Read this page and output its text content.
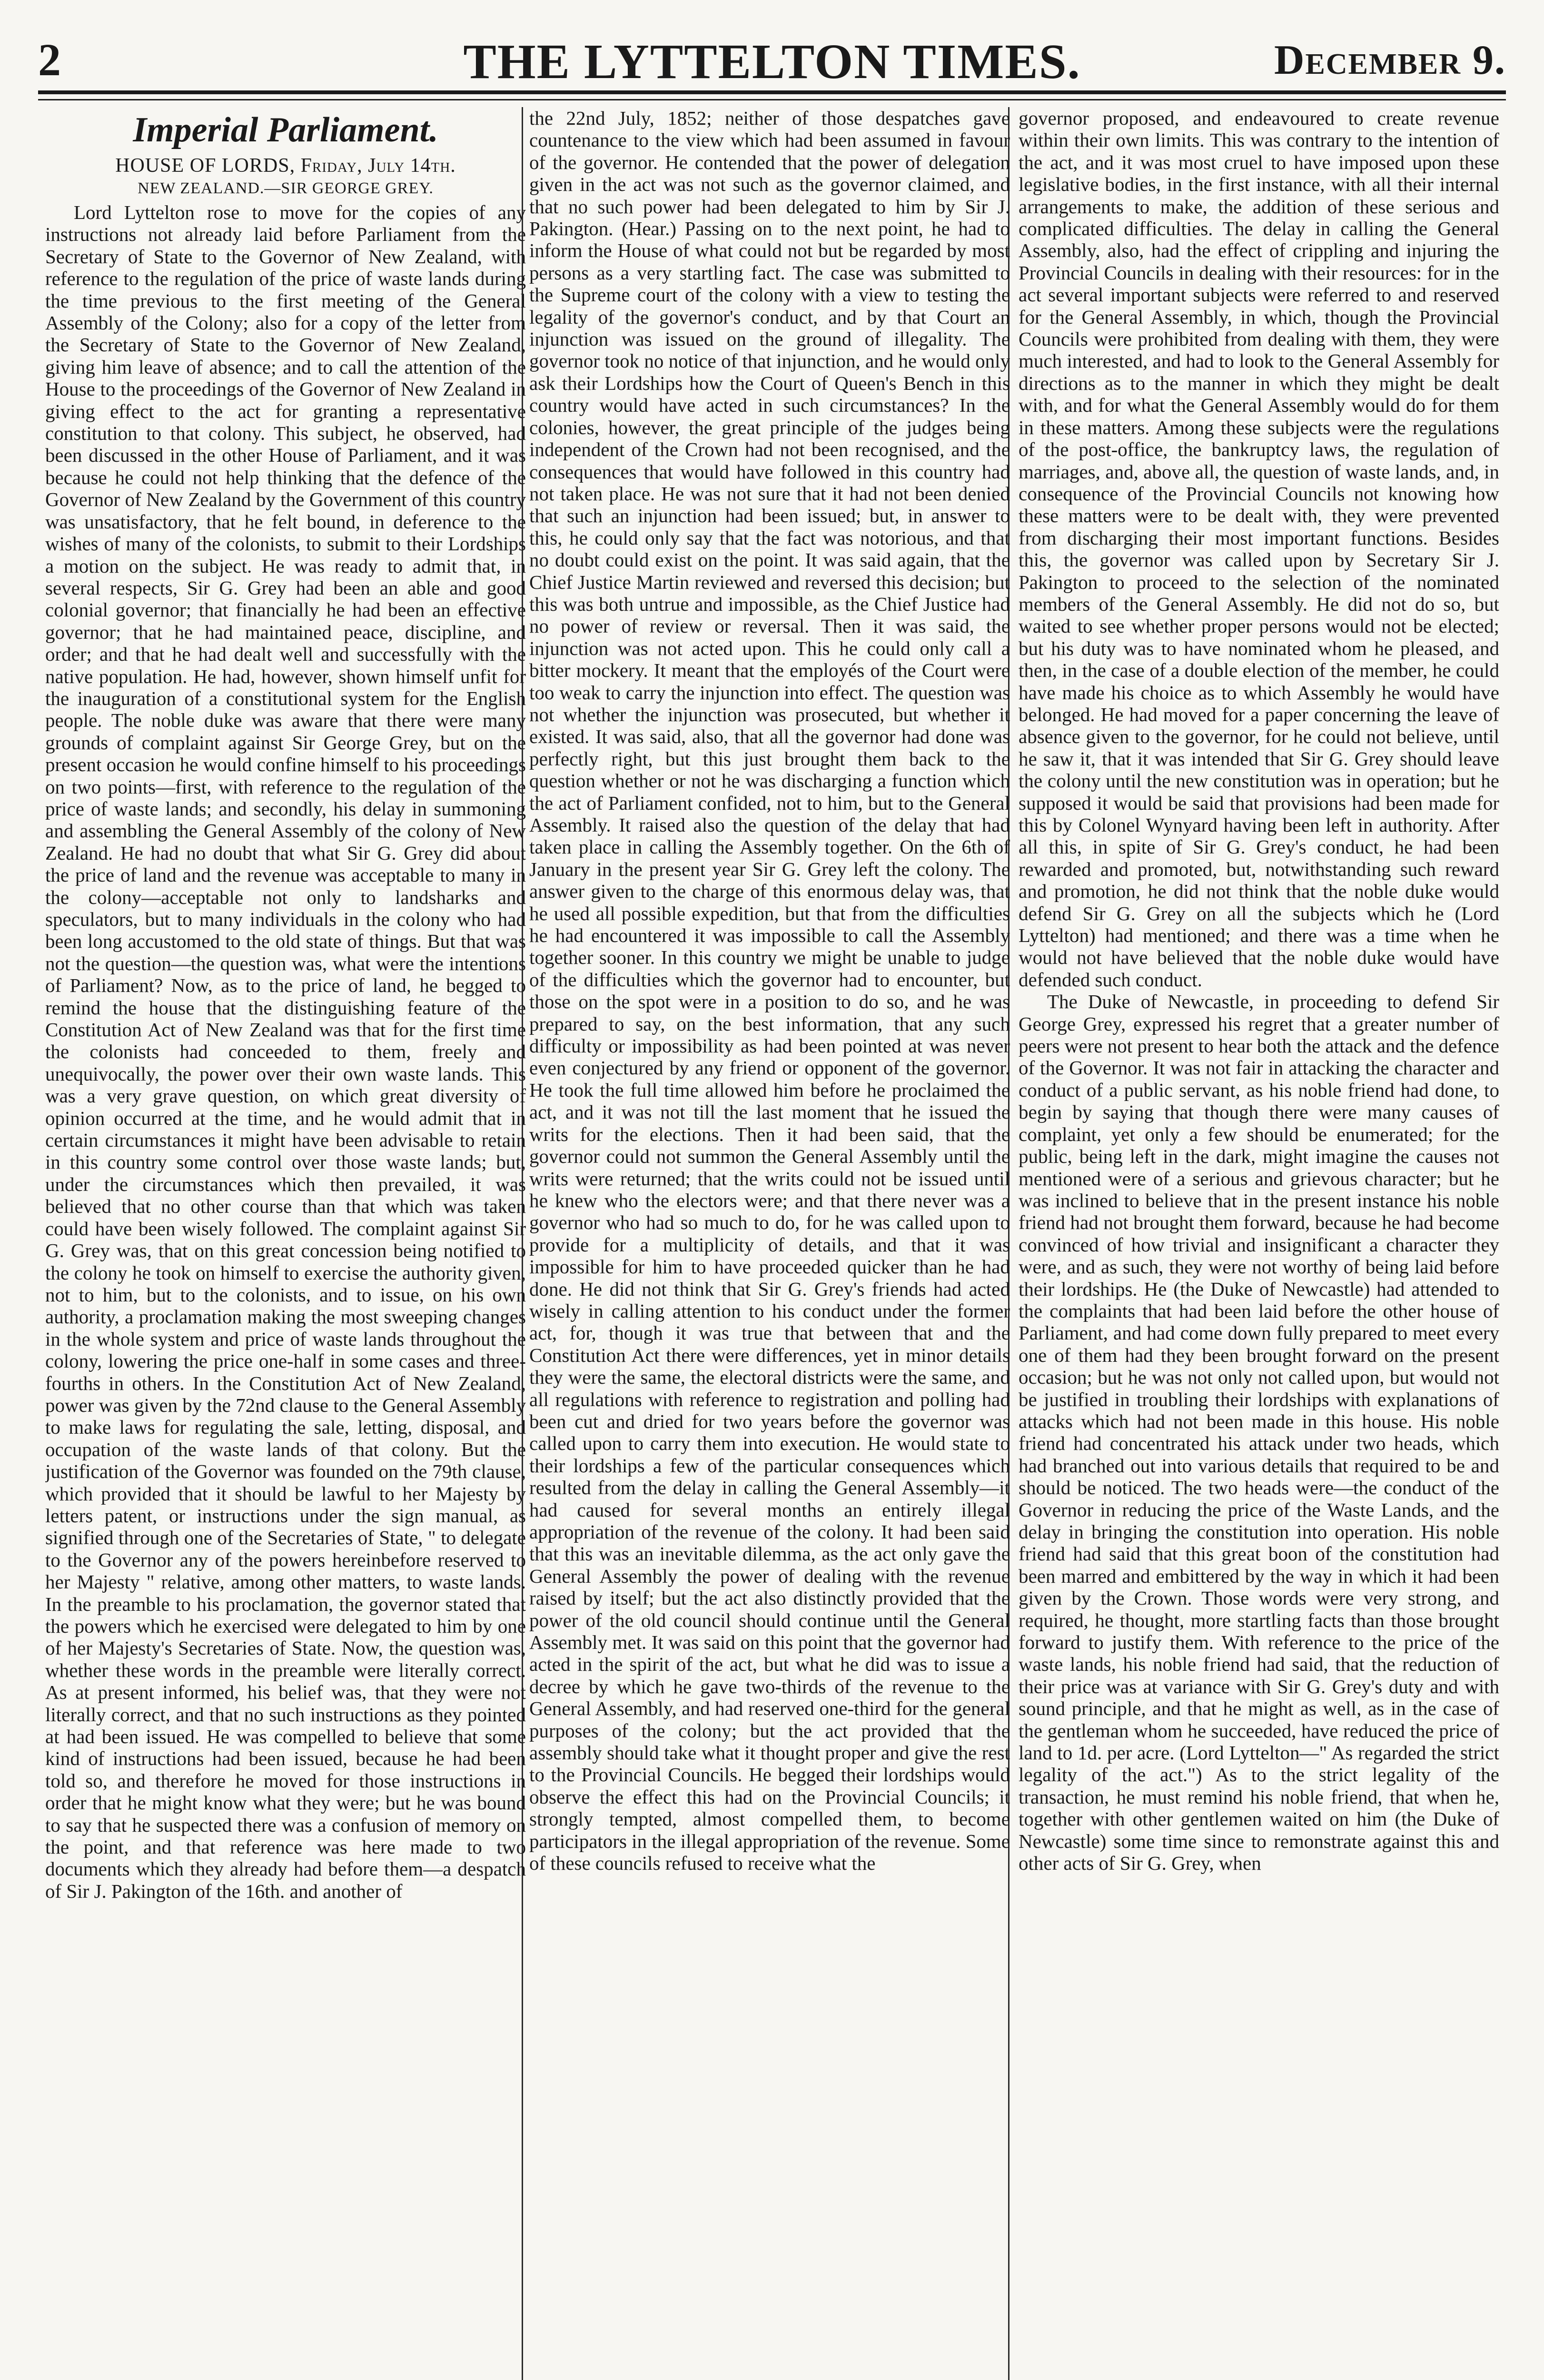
2	THE LYTTELTON TIMES.	December 9.
Imperial Parliament.
HOUSE OF LORDS, Friday, July 14th.
NEW ZEALAND.—SIR GEORGE GREY.

Lord Lyttelton rose to move for the copies of any instructions not already laid before Parliament from the Secretary of State to the Governor of New Zealand, with reference to the regulation of the price of waste lands during the time previous to the first meeting of the General Assembly of the Colony; also for a copy of the letter from the Secretary of State to the Governor of New Zealand, giving him leave of absence; and to call the attention of the House to the proceedings of the Governor of New Zealand in giving effect to the act for granting a representative constitution to that colony. This subject, he observed, had been discussed in the other House of Parliament, and it was because he could not help thinking that the defence of the Governor of New Zealand by the Government of this country was unsatisfactory, that he felt bound, in deference to the wishes of many of the colonists, to submit to their Lordships a motion on the subject. He was ready to admit that, in several respects, Sir G. Grey had been an able and good colonial governor; that financially he had been an effective governor; that he had maintained peace, discipline, and order; and that he had dealt well and successfully with the native population. He had, however, shown himself unfit for the inauguration of a constitutional system for the English people. The noble duke was aware that there were many grounds of complaint against Sir George Grey, but on the present occasion he would confine himself to his proceedings on two points—first, with reference to the regulation of the price of waste lands; and secondly, his delay in summoning and assembling the General Assembly of the colony of New Zealand. He had no doubt that what Sir G. Grey did about the price of land and the revenue was acceptable to many in the colony—acceptable not only to landsharks and speculators, but to many individuals in the colony who had been long accustomed to the old state of things. But that was not the question—the question was, what were the intentions of Parliament? Now, as to the price of land, he begged to remind the house that the distinguishing feature of the Constitution Act of New Zealand was that for the first time the colonists had conceeded to them, freely and unequivocally, the power over their own waste lands. This was a very grave question, on which great diversity of opinion occurred at the time, and he would admit that in certain circumstances it might have been advisable to retain in this country some control over those waste lands; but, under the circumstances which then prevailed, it was believed that no other course than that which was taken could have been wisely followed. The complaint against Sir G. Grey was, that on this great concession being notified to the colony he took on himself to exercise the authority given, not to him, but to the colonists, and to issue, on his own authority, a proclamation making the most sweeping changes in the whole system and price of waste lands throughout the colony, lowering the price one-half in some cases and three-fourths in others. In the Constitution Act of New Zealand, power was given by the 72nd clause to the General Assembly to make laws for regulating the sale, letting, disposal, and occupation of the waste lands of that colony. But the justification of the Governor was founded on the 79th clause, which provided that it should be lawful to her Majesty by letters patent, or instructions under the sign manual, as signified through one of the Secretaries of State, " to delegate to the Governor any of the powers hereinbefore reserved to her Majesty " relative, among other matters, to waste lands. In the preamble to his proclamation, the governor stated that the powers which he exercised were delegated to him by one of her Majesty's Secretaries of State. Now, the question was, whether these words in the preamble were literally correct. As at present informed, his belief was, that they were not literally correct, and that no such instructions as they pointed at had been issued. He was compelled to believe that some kind of instructions had been issued, because he had been told so, and therefore he moved for those instructions in order that he might know what they were; but he was bound to say that he suspected there was a confusion of memory on the point, and that reference was here made to two documents which they already had before them—a despatch of Sir J. Pakington of the 16th. and another of

the 22nd July, 1852; neither of those despatches gave countenance to the view which had been assumed in favour of the governor. He contended that the power of delegation given in the act was not such as the governor claimed, and that no such power had been delegated to him by Sir J. Pakington. (Hear.) Passing on to the next point, he had to inform the House of what could not but be regarded by most persons as a very startling fact. The case was submitted to the Supreme court of the colony with a view to testing the legality of the governor's conduct, and by that Court an injunction was issued on the ground of illegality. The governor took no notice of that injunction, and he would only ask their Lordships how the Court of Queen's Bench in this country would have acted in such circumstances? In the colonies, however, the great principle of the judges being independent of the Crown had not been recognised, and the consequences that would have followed in this country had not taken place. He was not sure that it had not been denied that such an injunction had been issued; but, in answer to this, he could only say that the fact was notorious, and that no doubt could exist on the point. It was said again, that the Chief Justice Martin reviewed and reversed this decision; but this was both untrue and impossible, as the Chief Justice had no power of review or reversal. Then it was said, the injunction was not acted upon. This he could only call a bitter mockery. It meant that the employés of the Court were too weak to carry the injunction into effect. The question was not whether the injunction was prosecuted, but whether it existed. It was said, also, that all the governor had done was perfectly right, but this just brought them back to the question whether or not he was discharging a function which the act of Parliament confided, not to him, but to the General Assembly. It raised also the question of the delay that had taken place in calling the Assembly together. On the 6th of January in the present year Sir G. Grey left the colony. The answer given to the charge of this enormous delay was, that he used all possible expedition, but that from the difficulties he had encountered it was impossible to call the Assembly together sooner. In this country we might be unable to judge of the difficulties which the governor had to encounter, but those on the spot were in a position to do so, and he was prepared to say, on the best information, that any such difficulty or impossibility as had been pointed at was never even conjectured by any friend or opponent of the governor. He took the full time allowed him before he proclaimed the act, and it was not till the last moment that he issued the writs for the elections. Then it had been said, that the governor could not summon the General Assembly until the writs were returned; that the writs could not be issued until he knew who the electors were; and that there never was a governor who had so much to do, for he was called upon to provide for a multiplicity of details, and that it was impossible for him to have proceeded quicker than he had done. He did not think that Sir G. Grey's friends had acted wisely in calling attention to his conduct under the former act, for, though it was true that between that and the Constitution Act there were differences, yet in minor details they were the same, the electoral districts were the same, and all regulations with reference to registration and polling had been cut and dried for two years before the governor was called upon to carry them into execution. He would state to their lordships a few of the particular consequences which resulted from the delay in calling the General Assembly—it had caused for several months an entirely illegal appropriation of the revenue of the colony. It had been said that this was an inevitable dilemma, as the act only gave the General Assembly the power of dealing with the revenue raised by itself; but the act also distinctly provided that the power of the old council should continue until the General Assembly met. It was said on this point that the governor had acted in the spirit of the act, but what he did was to issue a decree by which he gave two-thirds of the revenue to the General Assembly, and had reserved one-third for the general purposes of the colony; but the act provided that the assembly should take what it thought proper and give the rest to the Provincial Councils. He begged their lordships would observe the effect this had on the Provincial Councils; it strongly tempted, almost compelled them, to become participators in the illegal appropriation of the revenue. Some of these councils refused to receive what the

governor proposed, and endeavoured to create revenue within their own limits. This was contrary to the intention of the act, and it was most cruel to have imposed upon these legislative bodies, in the first instance, with all their internal arrangements to make, the addition of these serious and complicated difficulties. The delay in calling the General Assembly, also, had the effect of crippling and injuring the Provincial Councils in dealing with their resources: for in the act several important subjects were referred to and reserved for the General Assembly, in which, though the Provincial Councils were prohibited from dealing with them, they were much interested, and had to look to the General Assembly for directions as to the manner in which they might be dealt with, and for what the General Assembly would do for them in these matters. Among these subjects were the regulations of the post-office, the bankruptcy laws, the regulation of marriages, and, above all, the question of waste lands, and, in consequence of the Provincial Councils not knowing how these matters were to be dealt with, they were prevented from discharging their most important functions. Besides this, the governor was called upon by Secretary Sir J. Pakington to proceed to the selection of the nominated members of the General Assembly. He did not do so, but waited to see whether proper persons would not be elected; but his duty was to have nominated whom he pleased, and then, in the case of a double election of the member, he could have made his choice as to which Assembly he would have belonged. He had moved for a paper concerning the leave of absence given to the governor, for he could not believe, until he saw it, that it was intended that Sir G. Grey should leave the colony until the new constitution was in operation; but he supposed it would be said that provisions had been made for this by Colonel Wynyard having been left in authority. After all this, in spite of Sir G. Grey's conduct, he had been rewarded and promoted, but, notwithstanding such reward and promotion, he did not think that the noble duke would defend Sir G. Grey on all the subjects which he (Lord Lyttelton) had mentioned; and there was a time when he would not have believed that the noble duke would have defended such conduct.

The Duke of Newcastle, in proceeding to defend Sir George Grey, expressed his regret that a greater number of peers were not present to hear both the attack and the defence of the Governor. It was not fair in attacking the character and conduct of a public servant, as his noble friend had done, to begin by saying that though there were many causes of complaint, yet only a few should be enumerated; for the public, being left in the dark, might imagine the causes not mentioned were of a serious and grievous character; but he was inclined to believe that in the present instance his noble friend had not brought them forward, because he had become convinced of how trivial and insignificant a character they were, and as such, they were not worthy of being laid before their lordships. He (the Duke of Newcastle) had attended to the complaints that had been laid before the other house of Parliament, and had come down fully prepared to meet every one of them had they been brought forward on the present occasion; but he was not only not called upon, but would not be justified in troubling their lordships with explanations of attacks which had not been made in this house. His noble friend had concentrated his attack under two heads, which had branched out into various details that required to be and should be noticed. The two heads were—the conduct of the Governor in reducing the price of the Waste Lands, and the delay in bringing the constitution into operation. His noble friend had said that this great boon of the constitution had been marred and embittered by the way in which it had been given by the Crown. Those words were very strong, and required, he thought, more startling facts than those brought forward to justify them. With reference to the price of the waste lands, his noble friend had said, that the reduction of their price was at variance with Sir G. Grey's duty and with sound principle, and that he might as well, as in the case of the gentleman whom he succeeded, have reduced the price of land to 1d. per acre. (Lord Lyttelton—" As regarded the strict legality of the act.") As to the strict legality of the transaction, he must remind his noble friend, that when he, together with other gentlemen waited on him (the Duke of Newcastle) some time since to remonstrate against this and other acts of Sir G. Grey, when
